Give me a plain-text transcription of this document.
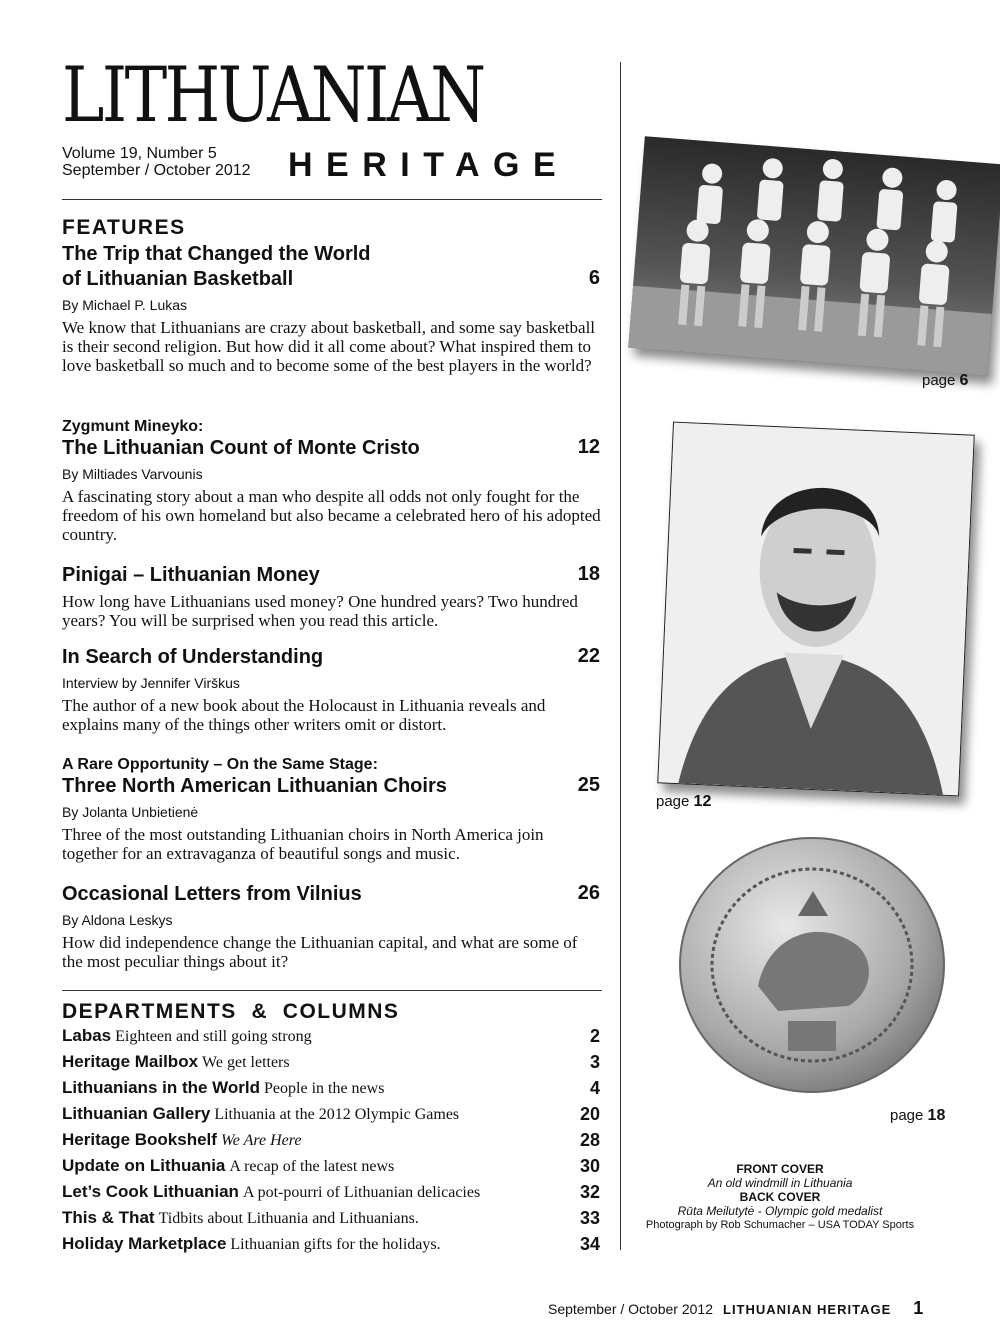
LITHUANIAN
Volume 19, Number 5
September / October 2012 HERITAGE
FEATURES
The Trip that Changed the World
of Lithuanian Basketball	6
By Michael P. Lukas
We know that Lithuanians are crazy about basketball, and some say basketball is their second religion. But how did it all come about? What inspired them to love basketball so much and to become some of the best players in the world?
Zygmunt Mineyko:
The Lithuanian Count of Monte Cristo	12
By Miltiades Varvounis
A fascinating story about a man who despite all odds not only fought for the freedom of his own homeland but also became a celebrated hero of his adopted country.
Pinigai – Lithuanian Money	18
How long have Lithuanians used money? One hundred years? Two hundred years? You will be surprised when you read this article.
In Search of Understanding	22
Interview by Jennifer Virškus
The author of a new book about the Holocaust in Lithuania reveals and explains many of the things other writers omit or distort.
A Rare Opportunity – On the Same Stage:
Three North American Lithuanian Choirs	25
By Jolanta Unbietienė
Three of the most outstanding Lithuanian choirs in North America join together for an extravaganza of beautiful songs and music.
Occasional Letters from Vilnius	26
By Aldona Leskys
How did independence change the Lithuanian capital, and what are some of the most peculiar things about it?
DEPARTMENTS  &  COLUMNS
Labas Eighteen and still going strong	2
Heritage Mailbox We get letters	3
Lithuanians in the World People in the news	4
Lithuanian Gallery Lithuania at the 2012 Olympic Games	20
Heritage Bookshelf We Are Here	28
Update on Lithuania A recap of the latest news	30
Let’s Cook Lithuanian A pot-pourri of Lithuanian delicacies	32
This & That Tidbits about Lithuania and Lithuanians.	33
Holiday Marketplace Lithuanian gifts for the holidays.	34
page 6
page 12
page 18
FRONT COVER
An old windmill in Lithuania
BACK COVER
Rūta Meilutytė - Olympic gold medalist
Photograph by Rob Schumacher – USA TODAY Sports
September / October 2012 LITHUANIAN HERITAGE 1
